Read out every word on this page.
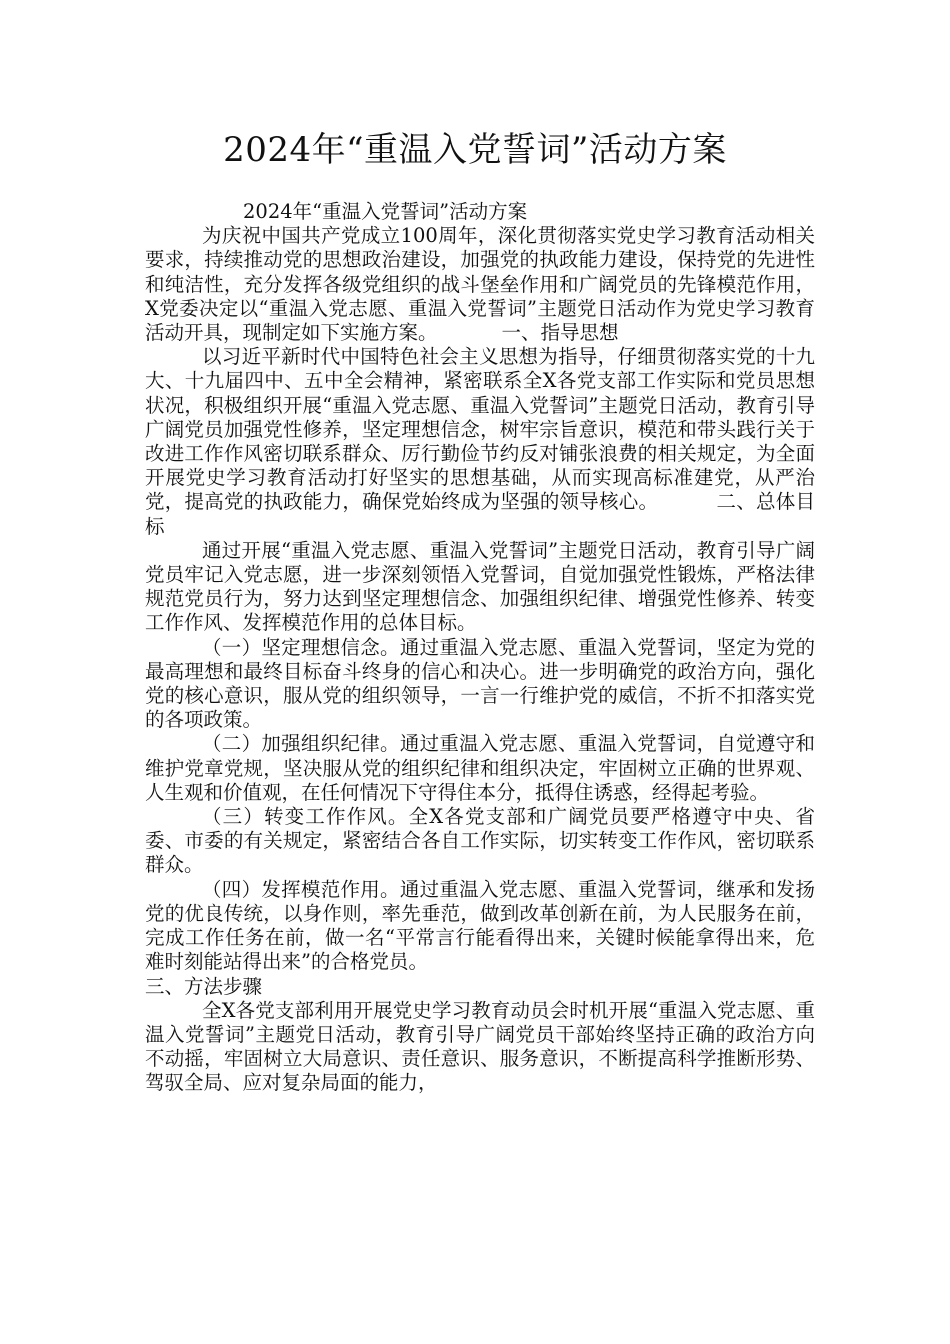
2024年“重温入党誓词”活动方案

2024年“重温入党誓词”活动方案

为庆祝中国共产党成立100周年，深化贯彻落实党史学习教育活动相关要求，持续推动党的思想政治建设，加强党的执政能力建设，保持党的先进性和纯洁性，充分发挥各级党组织的战斗堡垒作用和广阔党员的先锋模范作用，X党委决定以“重温入党志愿、重温入党誓词”主题党日活动作为党史学习教育活动开具，现制定如下实施方案。	一、指导思想

以习近平新时代中国特色社会主义思想为指导，仔细贯彻落实党的十九大、十九届四中、五中全会精神，紧密联系全X各党支部工作实际和党员思想状况，积极组织开展“重温入党志愿、重温入党誓词”主题党日活动，教育引导广阔党员加强党性修养，坚定理想信念，树牢宗旨意识，模范和带头践行关于改进工作作风密切联系群众、厉行勤俭节约反对铺张浪费的相关规定，为全面开展党史学习教育活动打好坚实的思想基础，从而实现高标准建党，从严治党，提高党的执政能力，确保党始终成为坚强的领导核心。	二、总体目标

通过开展“重温入党志愿、重温入党誓词”主题党日活动，教育引导广阔党员牢记入党志愿，进一步深刻领悟入党誓词，自觉加强党性锻炼，严格法律规范党员行为，努力达到坚定理想信念、加强组织纪律、增强党性修养、转变工作作风、发挥模范作用的总体目标。

（一）坚定理想信念。通过重温入党志愿、重温入党誓词，坚定为党的最高理想和最终目标奋斗终身的信心和决心。进一步明确党的政治方向，强化党的核心意识，服从党的组织领导，一言一行维护党的威信，不折不扣落实党的各项政策。

（二）加强组织纪律。通过重温入党志愿、重温入党誓词，自觉遵守和维护党章党规，坚决服从党的组织纪律和组织决定，牢固树立正确的世界观、人生观和价值观，在任何情况下守得住本分，抵得住诱惑，经得起考验。

（三）转变工作作风。全X各党支部和广阔党员要严格遵守中央、省委、市委的有关规定，紧密结合各自工作实际，切实转变工作作风，密切联系群众。

（四）发挥模范作用。通过重温入党志愿、重温入党誓词，继承和发扬党的优良传统，以身作则，率先垂范，做到改革创新在前，为人民服务在前，完成工作任务在前，做一名“平常言行能看得出来，关键时候能拿得出来，危难时刻能站得出来”的合格党员。

三、方法步骤

全X各党支部利用开展党史学习教育动员会时机开展“重温入党志愿、重温入党誓词”主题党日活动，教育引导广阔党员干部始终坚持正确的政治方向不动摇，牢固树立大局意识、责任意识、服务意识，不断提高科学推断形势、驾驭全局、应对复杂局面的能力，
